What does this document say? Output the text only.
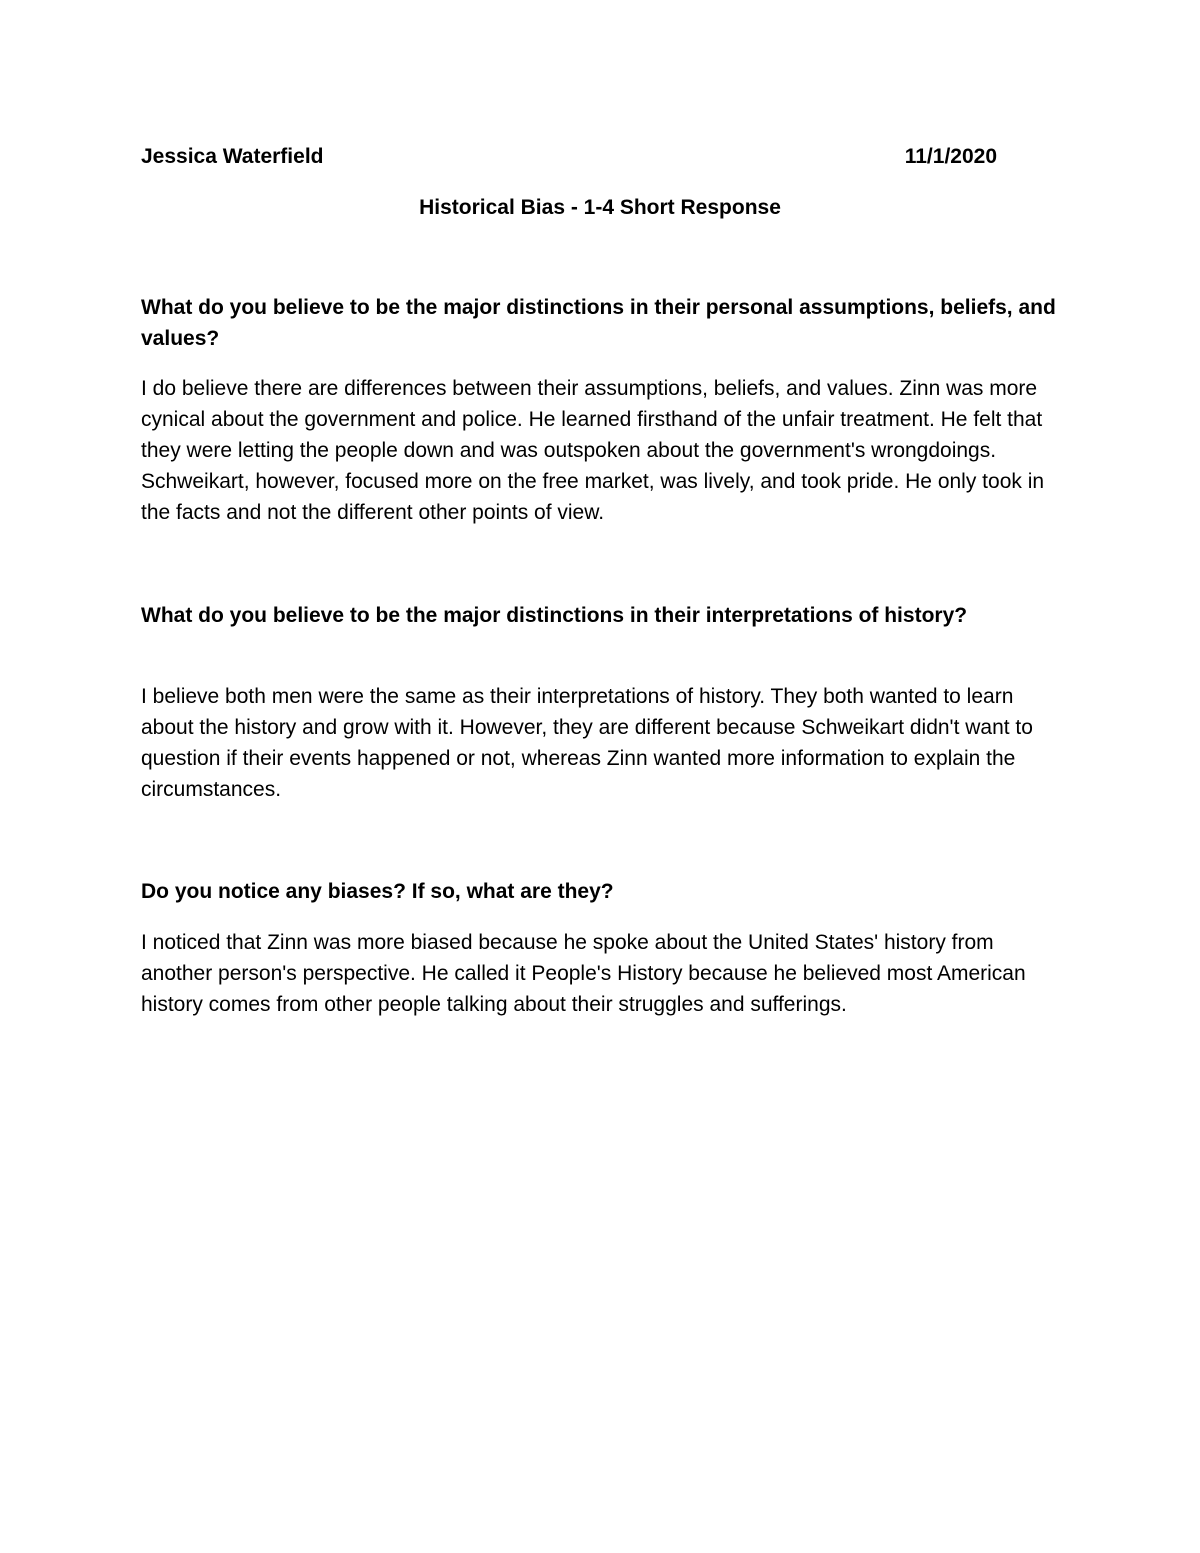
Jessica Waterfield	11/1/2020
Historical Bias - 1-4 Short Response

What do you believe to be the major distinctions in their personal assumptions, beliefs, and values?

I do believe there are differences between their assumptions, beliefs, and values. Zinn was more cynical about the government and police. He learned firsthand of the unfair treatment. He felt that they were letting the people down and was outspoken about the government's wrongdoings. Schweikart, however, focused more on the free market, was lively, and took pride. He only took in the facts and not the different other points of view.

What do you believe to be the major distinctions in their interpretations of history?

I believe both men were the same as their interpretations of history. They both wanted to learn about the history and grow with it. However, they are different because Schweikart didn't want to question if their events happened or not, whereas Zinn wanted more information to explain the circumstances.

Do you notice any biases? If so, what are they?

I noticed that Zinn was more biased because he spoke about the United States' history from another person's perspective. He called it People's History because he believed most American history comes from other people talking about their struggles and sufferings.
